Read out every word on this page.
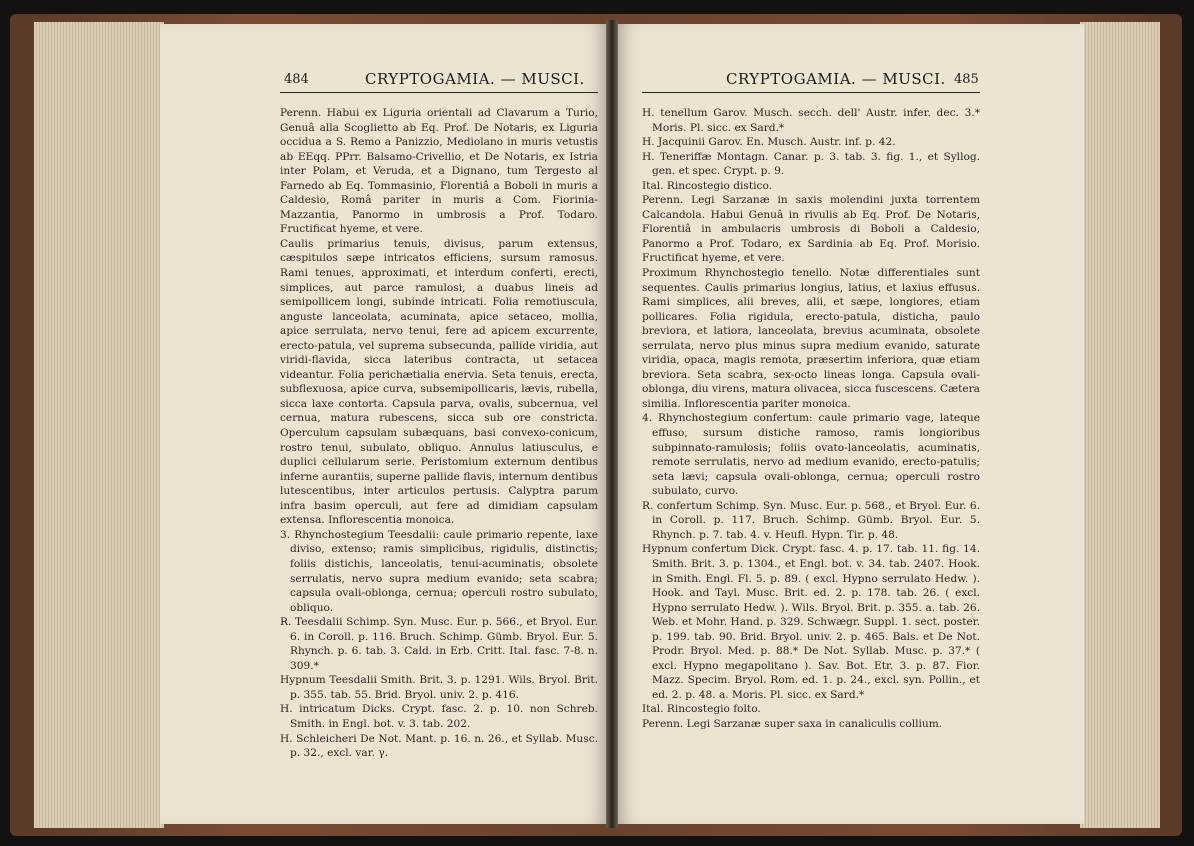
484	CRYPTOGAMIA. — MUSCI.

Perenn. Habui ex Liguria orientali ad Clavarum a Turio, Genuâ alla Scoglietto ab Eq. Prof. De Notaris, ex Liguria occidua a S. Remo a Panizzio, Mediolano in muris vetustis ab EEqq. PPrr. Balsamo-Crivellio, et De Notaris, ex Istria inter Polam, et Veruda, et a Dignano, tum Tergesto al Farnedo ab Eq. Tommasinio, Florentiâ a Boboli in muris a Caldesio, Româ pariter in muris a Com. Fiorinia-Mazzantia, Panormo in umbrosis a Prof. Todaro. Fructificat hyeme, et vere.

Caulis primarius tenuis, divisus, parum extensus, cæspitulos sæpe intricatos efficiens, sursum ramosus. Rami tenues, approximati, et interdum conferti, erecti, simplices, aut parce ramulosi, a duabus lineis ad semipollicem longi, subinde intricati. Folia remotiuscula, anguste lanceolata, acuminata, apice setaceo, mollia, apice serrulata, nervo tenui, fere ad apicem excurrente, erecto-patula, vel suprema subsecunda, pallide viridia, aut viridi-flavida, sicca lateribus contracta, ut setacea videantur. Folia perichætialia enervia. Seta tenuis, erecta, subflexuosa, apice curva, subsemipollicaris, lævis, rubella, sicca laxe contorta. Capsula parva, ovalis, subcernua, vel cernua, matura rubescens, sicca sub ore constricta. Operculum capsulam subæquans, basi convexo-conicum, rostro tenui, subulato, obliquo. Annulus latiusculus, e duplici cellularum serie. Peristomium externum dentibus inferne aurantiis, superne pallide flavis, internum dentibus lutescentibus, inter articulos pertusis. Calyptra parum infra basim operculi, aut fere ad dimidiam capsulam extensa. Inflorescentia monoica.

3. Rhynchostegium Teesdalii: caule primario repente, laxe diviso, extenso; ramis simplicibus, rigidulis, distinctis; foliis distichis, lanceolatis, tenui-acuminatis, obsolete serrulatis, nervo supra medium evanido; seta scabra; capsula ovali-oblonga, cernua; operculi rostro subulato, obliquo.

R. Teesdalii Schimp. Syn. Musc. Eur. p. 566., et Bryol. Eur. 6. in Coroll. p. 116. Bruch. Schimp. Gümb. Bryol. Eur. 5. Rhynch. p. 6. tab. 3. Cald. in Erb. Critt. Ital. fasc. 7-8. n. 309.*

Hypnum Teesdalii Smith. Brit. 3. p. 1291. Wils. Bryol. Brit. p. 355. tab. 55. Brid. Bryol. univ. 2. p. 416.

H. intricatum Dicks. Crypt. fasc. 2. p. 10. non Schreb. Smith. in Engl. bot. v. 3. tab. 202.

H. Schleicheri De Not. Mant. p. 16. n. 26., et Syllab. Musc. p. 32., excl. var. γ.

CRYPTOGAMIA. — MUSCI. 485

H. tenellum Garov. Musch. secch. dell' Austr. infer. dec. 3.* Moris. Pl. sicc. ex Sard.*

H. Jacquinii Garov. En. Musch. Austr. inf. p. 42.

H. Teneriffæ Montagn. Canar. p. 3. tab. 3. fig. 1., et Syllog. gen. et spec. Crypt. p. 9.

Ital. Rincostegio distico.

Perenn. Legi Sarzanæ in saxis molendini juxta torrentem Calcandola. Habui Genuâ in rivulis ab Eq. Prof. De Notaris, Florentiâ in ambulacris umbrosis di Boboli a Caldesio, Panormo a Prof. Todaro, ex Sardinia ab Eq. Prof. Morisio. Fructificat hyeme, et vere.

Proximum Rhynchostegio tenello. Notæ differentiales sunt sequentes. Caulis primarius longius, latius, et laxius effusus. Rami simplices, alii breves, alii, et sæpe, longiores, etiam pollicares. Folia rigidula, erecto-patula, disticha, paulo breviora, et latiora, lanceolata, brevius acuminata, obsolete serrulata, nervo plus minus supra medium evanido, saturate viridia, opaca, magis remota, præsertim inferiora, quæ etiam breviora. Seta scabra, sex-octo lineas longa. Capsula ovali-oblonga, diu virens, matura olivacea, sicca fuscescens. Cætera similia. Inflorescentia pariter monoica.

4. Rhynchostegium confertum: caule primario vage, lateque effuso, sursum distiche ramoso, ramis longioribus subpinnato-ramulosis; foliis ovato-lanceolatis, acuminatis, remote serrulatis, nervo ad medium evanido, erecto-patulis; seta lævi; capsula ovali-oblonga, cernua; operculi rostro subulato, curvo.

R. confertum Schimp. Syn. Musc. Eur. p. 568., et Bryol. Eur. 6. in Coroll. p. 117. Bruch. Schimp. Gümb. Bryol. Eur. 5. Rhynch. p. 7. tab. 4. v. Heufl. Hypn. Tir. p. 48.

Hypnum confertum Dick. Crypt. fasc. 4. p. 17. tab. 11. fig. 14. Smith. Brit. 3. p. 1304., et Engl. bot. v. 34. tab. 2407. Hook. in Smith. Engl. Fl. 5. p. 89. ( excl. Hypno serrulato Hedw. ). Hook. and Tayl. Musc. Brit. ed. 2. p. 178. tab. 26. ( excl. Hypno serrulato Hedw. ). Wils. Bryol. Brit. p. 355. a. tab. 26. Web. et Mohr. Hand. p. 329. Schwægr. Suppl. 1. sect. poster. p. 199. tab. 90. Brid. Bryol. univ. 2. p. 465. Bals. et De Not. Prodr. Bryol. Med. p. 88.* De Not. Syllab. Musc. p. 37.* ( excl. Hypno megapolitano ). Sav. Bot. Etr. 3. p. 87. Fior. Mazz. Specim. Bryol. Rom. ed. 1. p. 24., excl. syn. Pollin., et ed. 2. p. 48. a. Moris. Pl. sicc. ex Sard.*

Ital. Rincostegio folto.

Perenn. Legi Sarzanæ super saxa in canaliculis collium.
